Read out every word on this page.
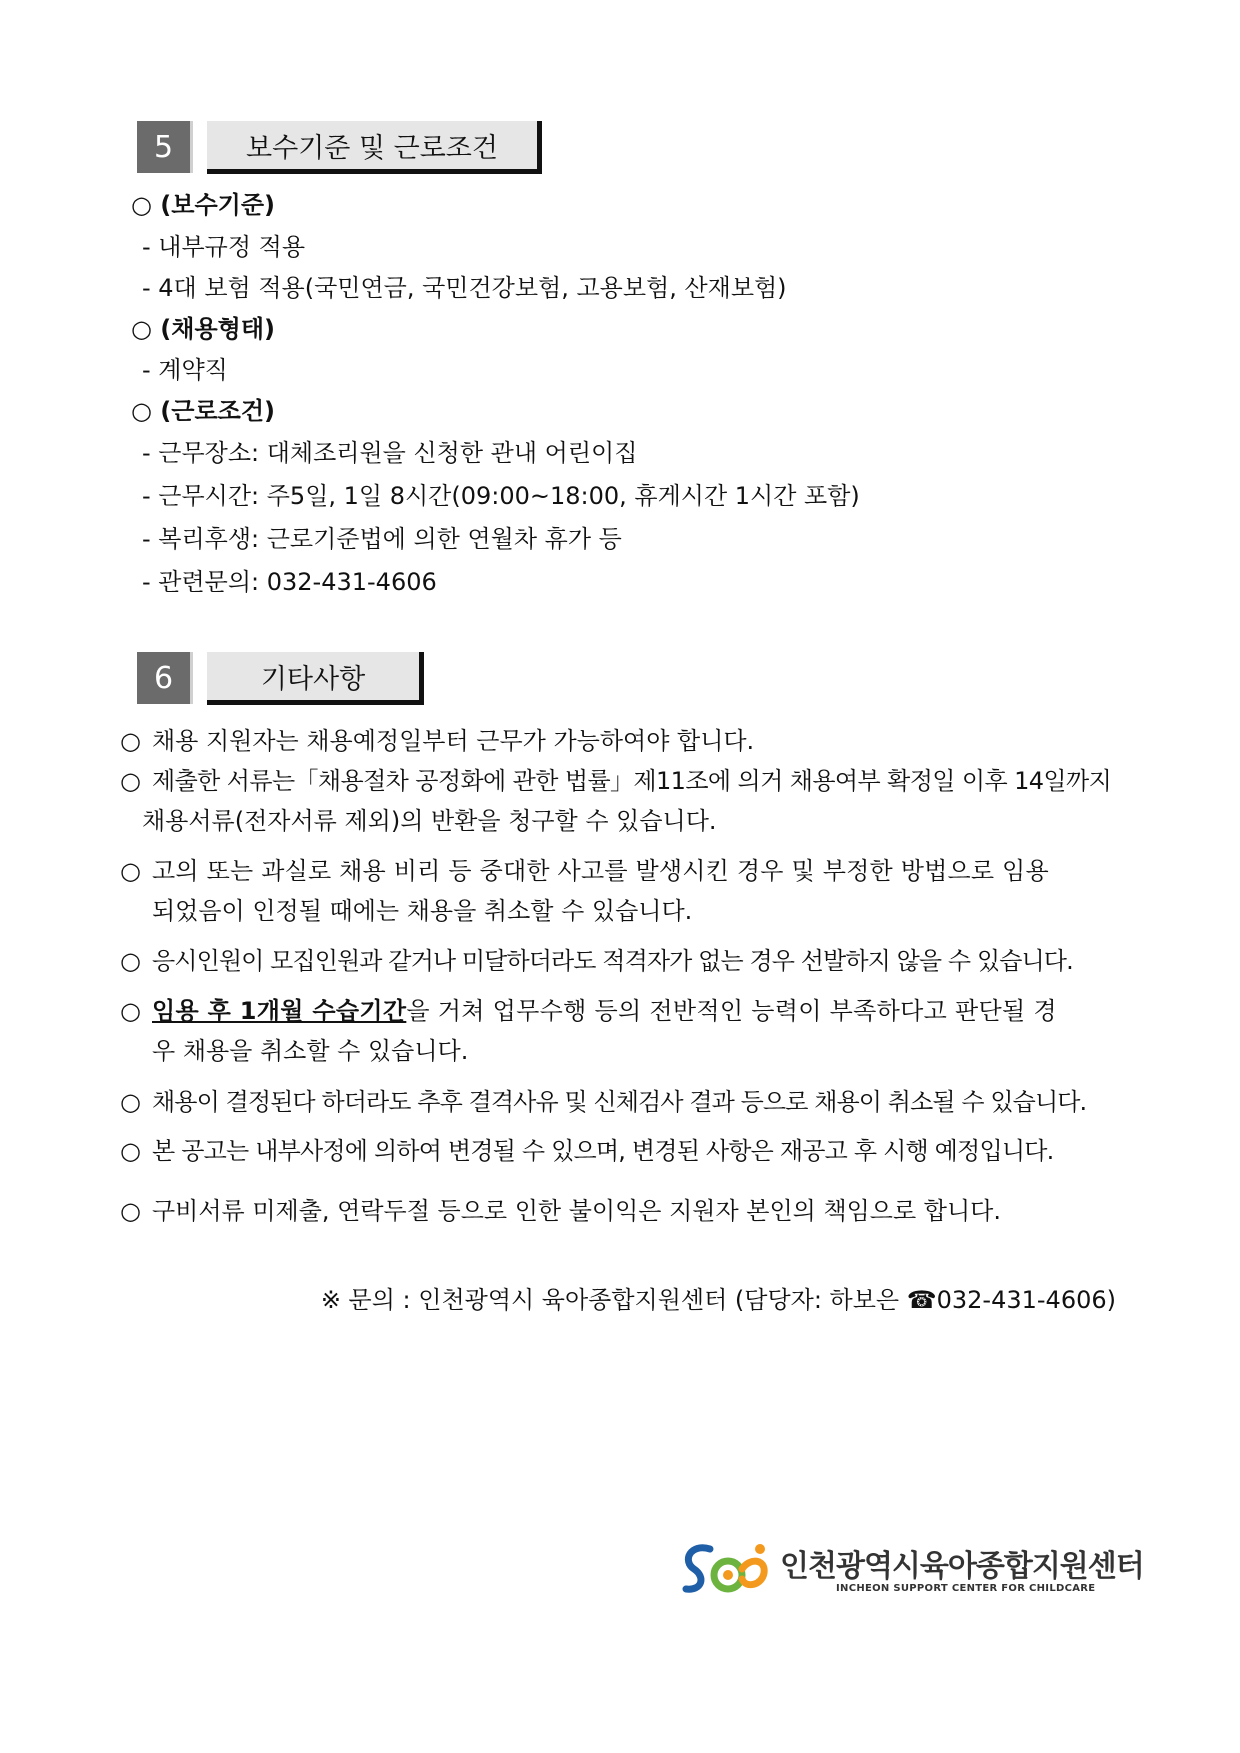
5	보수기준 및 근로조건
○ (보수기준)
- 내부규정 적용
- 4대 보험 적용(국민연금, 국민건강보험, 고용보험, 산재보험)
○ (채용형태)
- 계약직
○ (근로조건)
- 근무장소: 대체조리원을 신청한 관내 어린이집
- 근무시간: 주5일, 1일 8시간(09:00~18:00, 휴게시간 1시간 포함)
- 복리후생: 근로기준법에 의한 연월차 휴가 등
- 관련문의: 032-431-4606
6	기타사항
○ 채용 지원자는 채용예정일부터 근무가 가능하여야 합니다.
○ 제출한 서류는「채용절차 공정화에 관한 법률」제11조에 의거 채용여부 확정일 이후 14일까지
채용서류(전자서류 제외)의 반환을 청구할 수 있습니다.
○ 고의 또는 과실로 채용 비리 등 중대한 사고를 발생시킨 경우 및 부정한 방법으로 임용
되었음이 인정될 때에는 채용을 취소할 수 있습니다.
○ 응시인원이 모집인원과 같거나 미달하더라도 적격자가 없는 경우 선발하지 않을 수 있습니다.
○ 임용 후 1개월 수습기간을 거쳐 업무수행 등의 전반적인 능력이 부족하다고 판단될 경
우 채용을 취소할 수 있습니다.
○ 채용이 결정된다 하더라도 추후 결격사유 및 신체검사 결과 등으로 채용이 취소될 수 있습니다.
○ 본 공고는 내부사정에 의하여 변경될 수 있으며, 변경된 사항은 재공고 후 시행 예정입니다.
○ 구비서류 미제출, 연락두절 등으로 인한 불이익은 지원자 본인의 책임으로 합니다.
※ 문의 : 인천광역시 육아종합지원센터 (담당자: 하보은 ☎032-431-4606)
인천광역시육아종합지원센터
INCHEON SUPPORT CENTER FOR CHILDCARE
